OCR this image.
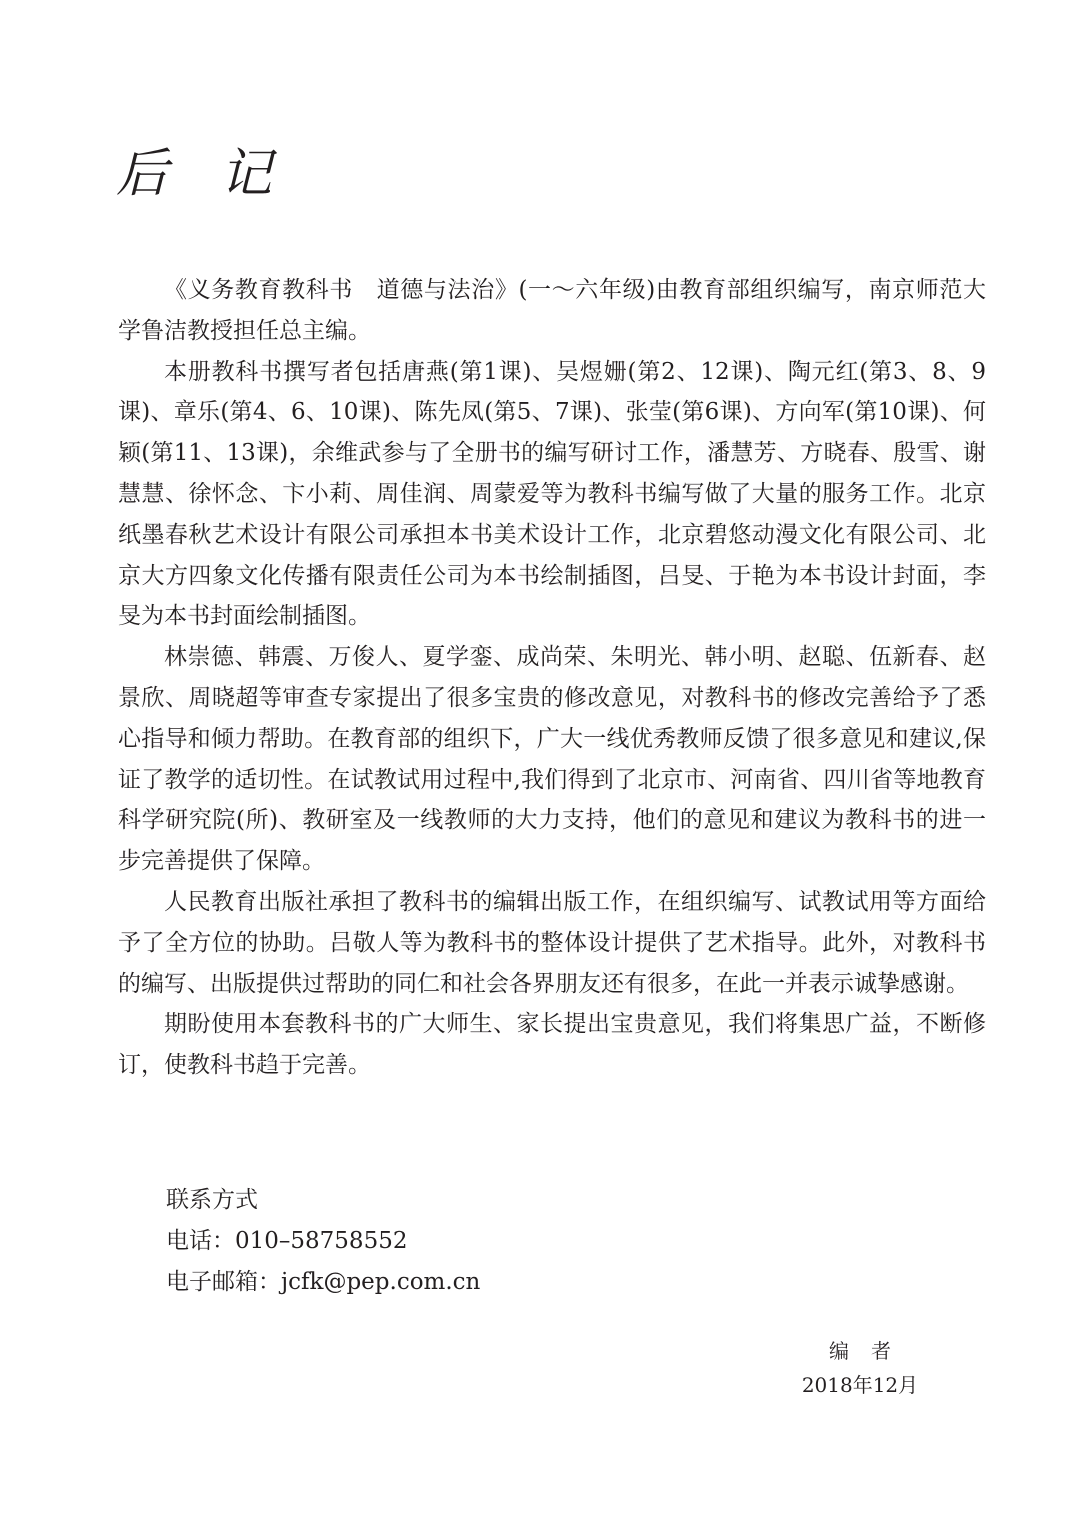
后记

《义务教育教科书　道德与法治》(一～六年级)由教育部组织编写，南京师范大学鲁洁教授担任总主编。

本册教科书撰写者包括唐燕(第1课)、吴煜姗(第2、12课)、陶元红(第3、8、9课)、章乐(第4、6、10课)、陈先凤(第5、7课)、张莹(第6课)、方向军(第10课)、何颖(第11、13课)，余维武参与了全册书的编写研讨工作，潘慧芳、方晓春、殷雪、谢慧慧、徐怀念、卞小莉、周佳润、周蒙爱等为教科书编写做了大量的服务工作。北京纸墨春秋艺术设计有限公司承担本书美术设计工作，北京碧悠动漫文化有限公司、北京大方四象文化传播有限责任公司为本书绘制插图，吕旻、于艳为本书设计封面，李旻为本书封面绘制插图。

林崇德、韩震、万俊人、夏学銮、成尚荣、朱明光、韩小明、赵聪、伍新春、赵景欣、周晓超等审查专家提出了很多宝贵的修改意见，对教科书的修改完善给予了悉心指导和倾力帮助。在教育部的组织下，广大一线优秀教师反馈了很多意见和建议,保证了教学的适切性。在试教试用过程中,我们得到了北京市、河南省、四川省等地教育科学研究院(所)、教研室及一线教师的大力支持，他们的意见和建议为教科书的进一步完善提供了保障。

人民教育出版社承担了教科书的编辑出版工作，在组织编写、试教试用等方面给予了全方位的协助。吕敬人等为教科书的整体设计提供了艺术指导。此外，对教科书的编写、出版提供过帮助的同仁和社会各界朋友还有很多，在此一并表示诚挚感谢。

期盼使用本套教科书的广大师生、家长提出宝贵意见，我们将集思广益，不断修订，使教科书趋于完善。

联系方式
电话：010–58758552
电子邮箱：jcfk@pep.com.cn
编者
2018年12月
